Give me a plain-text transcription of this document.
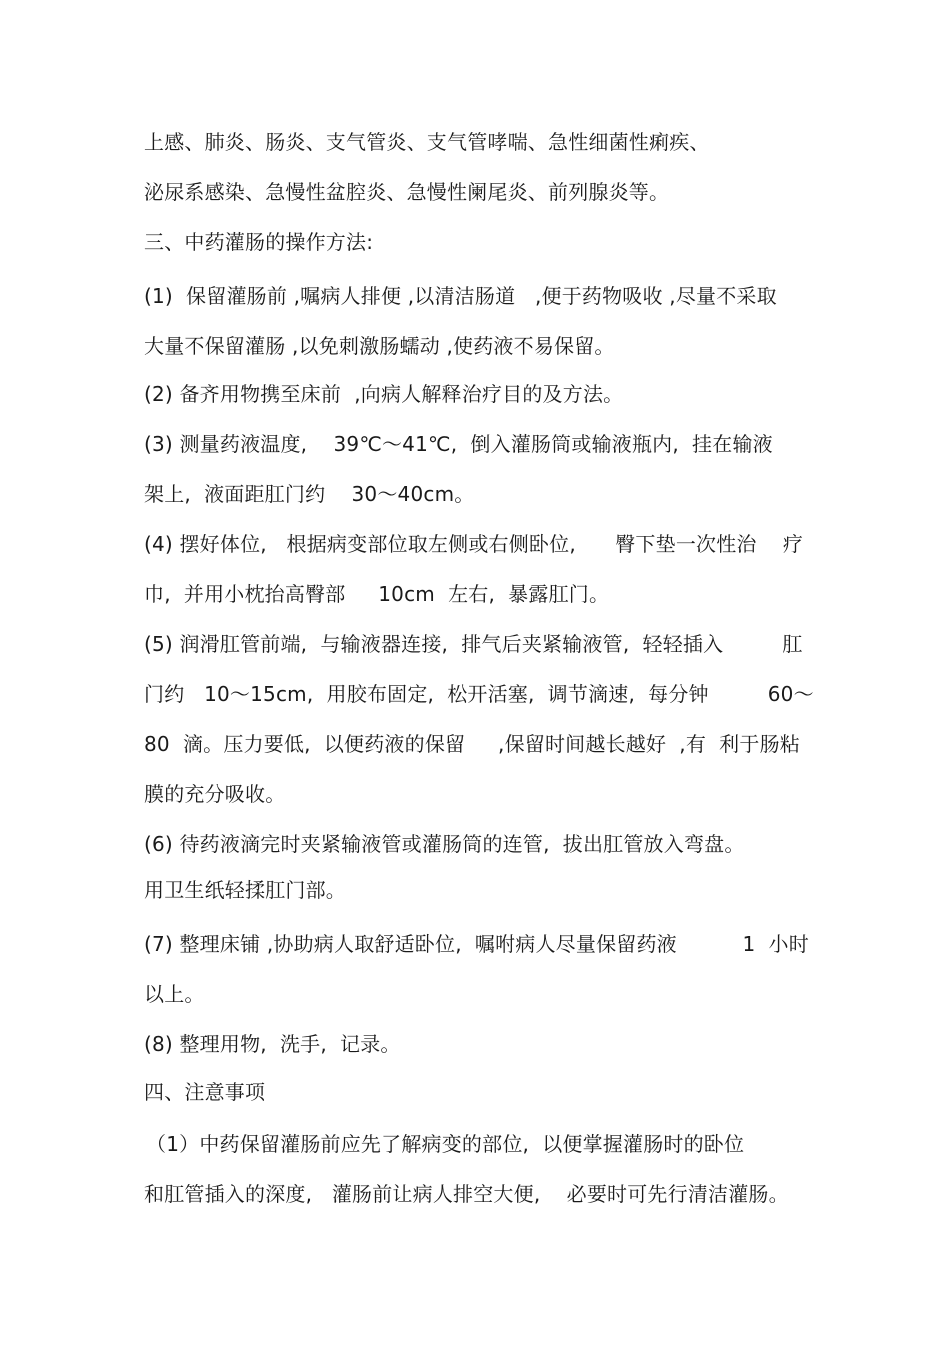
上感、肺炎、肠炎、支气管炎、支气管哮喘、急性细菌性痢疾、
泌尿系感染、急慢性盆腔炎、急慢性阑尾炎、前列腺炎等。
三、中药灌肠的操作方法:
(1)  保留灌肠前 ,嘱病人排便 ,以清洁肠道   ,便于药物吸收 ,尽量不采取
大量不保留灌肠 ,以免刺激肠蠕动 ,使药液不易保留。
(2) 备齐用物携至床前  ,向病人解释治疗目的及方法。
(3) 测量药液温度,    39℃～41℃,  倒入灌肠筒或输液瓶内,  挂在输液
架上,  液面距肛门约    30～40cm。
(4) 摆好体位,   根据病变部位取左侧或右侧卧位,      臀下垫一次性治    疗
巾,  并用小枕抬高臀部     10cm  左右,  暴露肛门。
(5) 润滑肛管前端,  与输液器连接,  排气后夹紧输液管,  轻轻插入         肛
门约   10～15cm,  用胶布固定,  松开活塞,  调节滴速,  每分钟         60～
80  滴。压力要低,  以便药液的保留     ,保留时间越长越好  ,有  利于肠粘
膜的充分吸收。
(6) 待药液滴完时夹紧输液管或灌肠筒的连管,  拔出肛管放入弯盘。
用卫生纸轻揉肛门部。
(7) 整理床铺 ,协助病人取舒适卧位,  嘱咐病人尽量保留药液          1  小时
以上。
(8) 整理用物,  洗手,  记录。
四、注意事项
（1）中药保留灌肠前应先了解病变的部位,  以便掌握灌肠时的卧位
和肛管插入的深度,   灌肠前让病人排空大便,    必要时可先行清洁灌肠。
